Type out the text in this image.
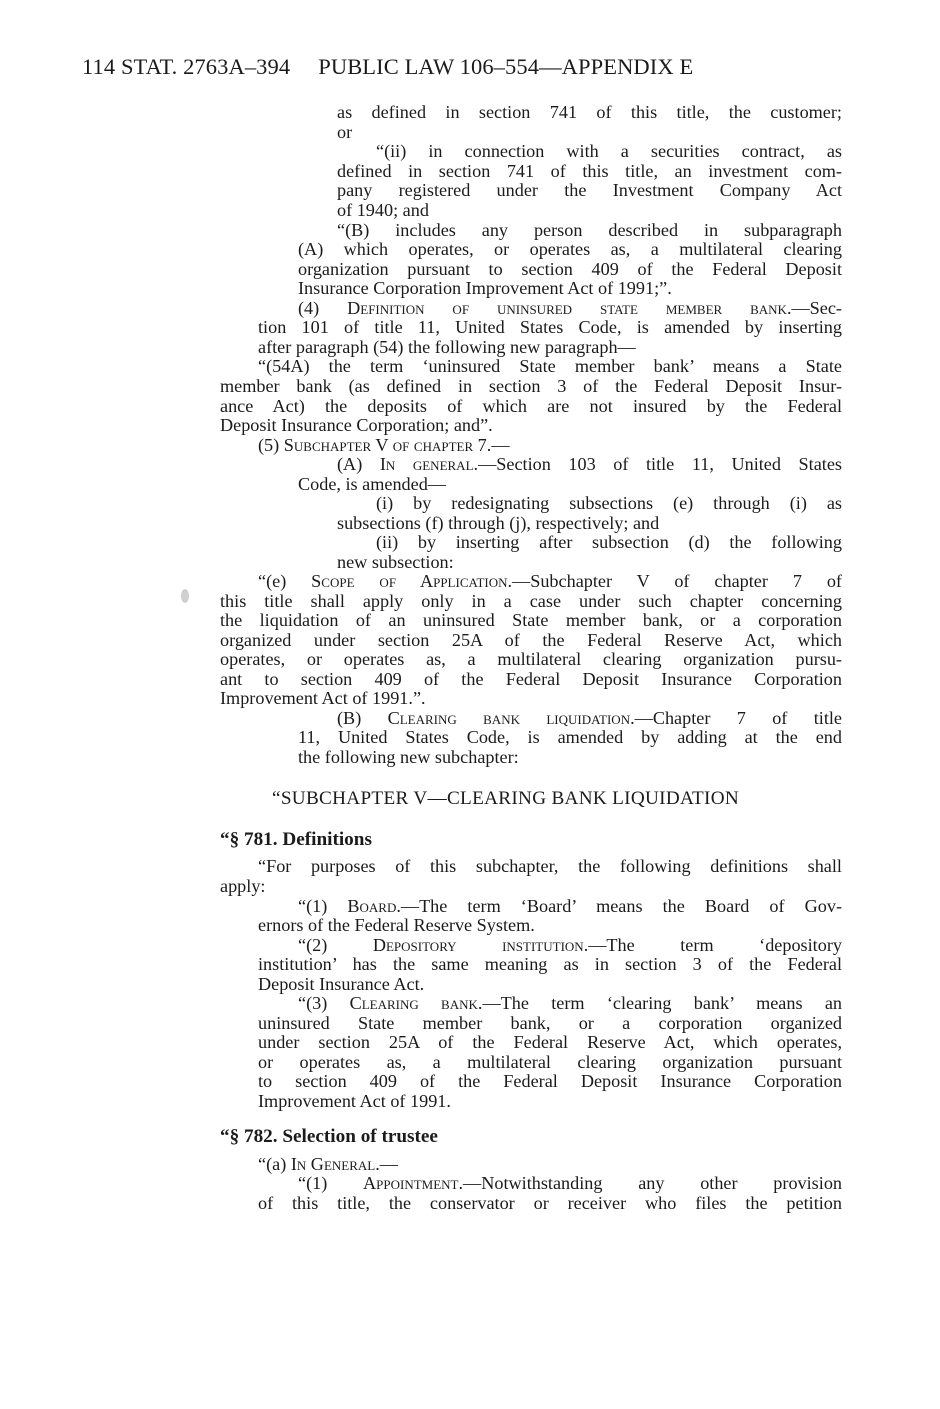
114 STAT. 2763A–394 PUBLIC LAW 106–554—APPENDIX E
as defined in section 741 of this title, the customer;
or
“(ii) in connection with a securities contract, as
defined in section 741 of this title, an investment com-
pany registered under the Investment Company Act
of 1940; and
“(B) includes any person described in subparagraph
(A) which operates, or operates as, a multilateral clearing
organization pursuant to section 409 of the Federal Deposit
Insurance Corporation Improvement Act of 1991;”.
(4) Definition of uninsured state member bank.—Sec-
tion 101 of title 11, United States Code, is amended by inserting
after paragraph (54) the following new paragraph—
“(54A) the term ‘uninsured State member bank’ means a State
member bank (as defined in section 3 of the Federal Deposit Insur-
ance Act) the deposits of which are not insured by the Federal
Deposit Insurance Corporation; and”.
(5) Subchapter V of chapter 7.—
(A) In general.—Section 103 of title 11, United States
Code, is amended—
(i) by redesignating subsections (e) through (i) as
subsections (f) through (j), respectively; and
(ii) by inserting after subsection (d) the following
new subsection:
“(e) Scope of Application.—Subchapter V of chapter 7 of
this title shall apply only in a case under such chapter concerning
the liquidation of an uninsured State member bank, or a corporation
organized under section 25A of the Federal Reserve Act, which
operates, or operates as, a multilateral clearing organization pursu-
ant to section 409 of the Federal Deposit Insurance Corporation
Improvement Act of 1991.”.
(B) Clearing bank liquidation.—Chapter 7 of title
11, United States Code, is amended by adding at the end
the following new subchapter:
“SUBCHAPTER V—CLEARING BANK LIQUIDATION
“§ 781. Definitions
“For purposes of this subchapter, the following definitions shall
apply:
“(1) Board.—The term ‘Board’ means the Board of Gov-
ernors of the Federal Reserve System.
“(2) Depository institution.—The term ‘depository
institution’ has the same meaning as in section 3 of the Federal
Deposit Insurance Act.
“(3) Clearing bank.—The term ‘clearing bank’ means an
uninsured State member bank, or a corporation organized
under section 25A of the Federal Reserve Act, which operates,
or operates as, a multilateral clearing organization pursuant
to section 409 of the Federal Deposit Insurance Corporation
Improvement Act of 1991.
“§ 782. Selection of trustee
“(a) In General.—
“(1) Appointment.—Notwithstanding any other provision
of this title, the conservator or receiver who files the petition
